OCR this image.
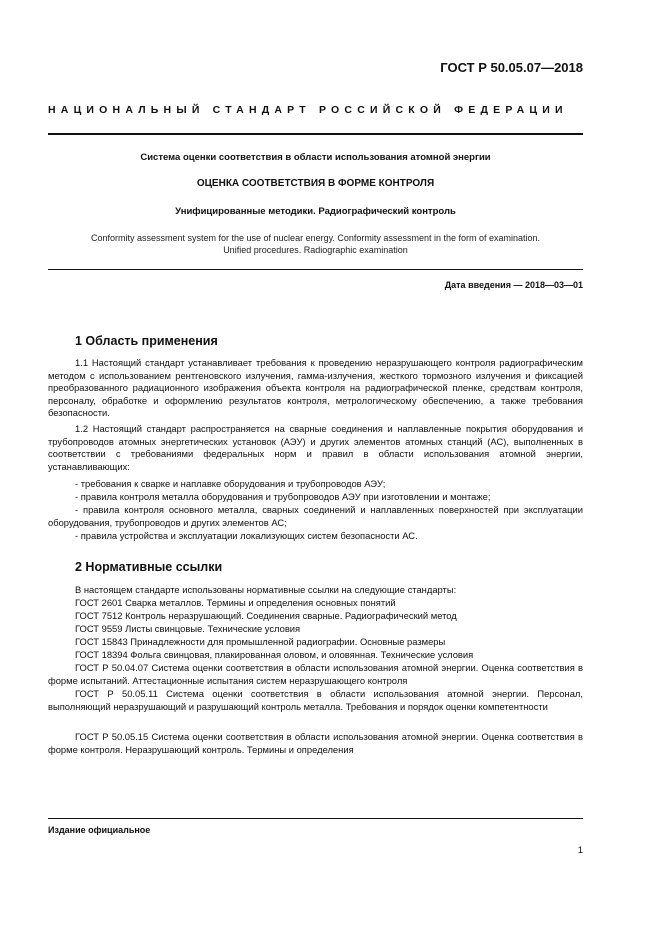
ГОСТ Р 50.05.07—2018
НАЦИОНАЛЬНЫЙ СТАНДАРТ РОССИЙСКОЙ ФЕДЕРАЦИИ
Система оценки соответствия в области использования атомной энергии
ОЦЕНКА СООТВЕТСТВИЯ В ФОРМЕ КОНТРОЛЯ
Унифицированные методики. Радиографический контроль
Conformity assessment system for the use of nuclear energy. Conformity assessment in the form of examination.
Unified procedures. Radiographic examination
Дата введения — 2018—03—01
1 Область применения
1.1 Настоящий стандарт устанавливает требования к проведению неразрушающего контроля радиографическим методом с использованием рентгеновского излучения, гамма-излучения, жесткого тормозного излучения и фиксацией преобразованного радиационного изображения объекта контроля на радиографической пленке, средствам контроля, персоналу, обработке и оформлению результатов контроля, метрологическому обеспечению, а также требования безопасности.
1.2 Настоящий стандарт распространяется на сварные соединения и наплавленные покрытия оборудования и трубопроводов атомных энергетических установок (АЭУ) и других элементов атомных станций (АС), выполненных в соответствии с требованиями федеральных норм и правил в области использования атомной энергии, устанавливающих:
- требования к сварке и наплавке оборудования и трубопроводов АЭУ;
- правила контроля металла оборудования и трубопроводов АЭУ при изготовлении и монтаже;
- правила контроля основного металла, сварных соединений и наплавленных поверхностей при эксплуатации оборудования, трубопроводов и других элементов АС;
- правила устройства и эксплуатации локализующих систем безопасности АС.
2 Нормативные ссылки
В настоящем стандарте использованы нормативные ссылки на следующие стандарты:
ГОСТ 2601 Сварка металлов. Термины и определения основных понятий
ГОСТ 7512 Контроль неразрушающий. Соединения сварные. Радиографический метод
ГОСТ 9559 Листы свинцовые. Технические условия
ГОСТ 15843 Принадлежности для промышленной радиографии. Основные размеры
ГОСТ 18394 Фольга свинцовая, плакированная оловом, и оловянная. Технические условия
ГОСТ Р 50.04.07 Система оценки соответствия в области использования атомной энергии. Оценка соответствия в форме испытаний. Аттестационные испытания систем неразрушающего контроля
ГОСТ Р 50.05.11 Система оценки соответствия в области использования атомной энергии. Персонал, выполняющий неразрушающий и разрушающий контроль металла. Требования и порядок оценки компетентности
ГОСТ Р 50.05.15 Система оценки соответствия в области использования атомной энергии. Оценка соответствия в форме контроля. Неразрушающий контроль. Термины и определения
Издание официальное
1
